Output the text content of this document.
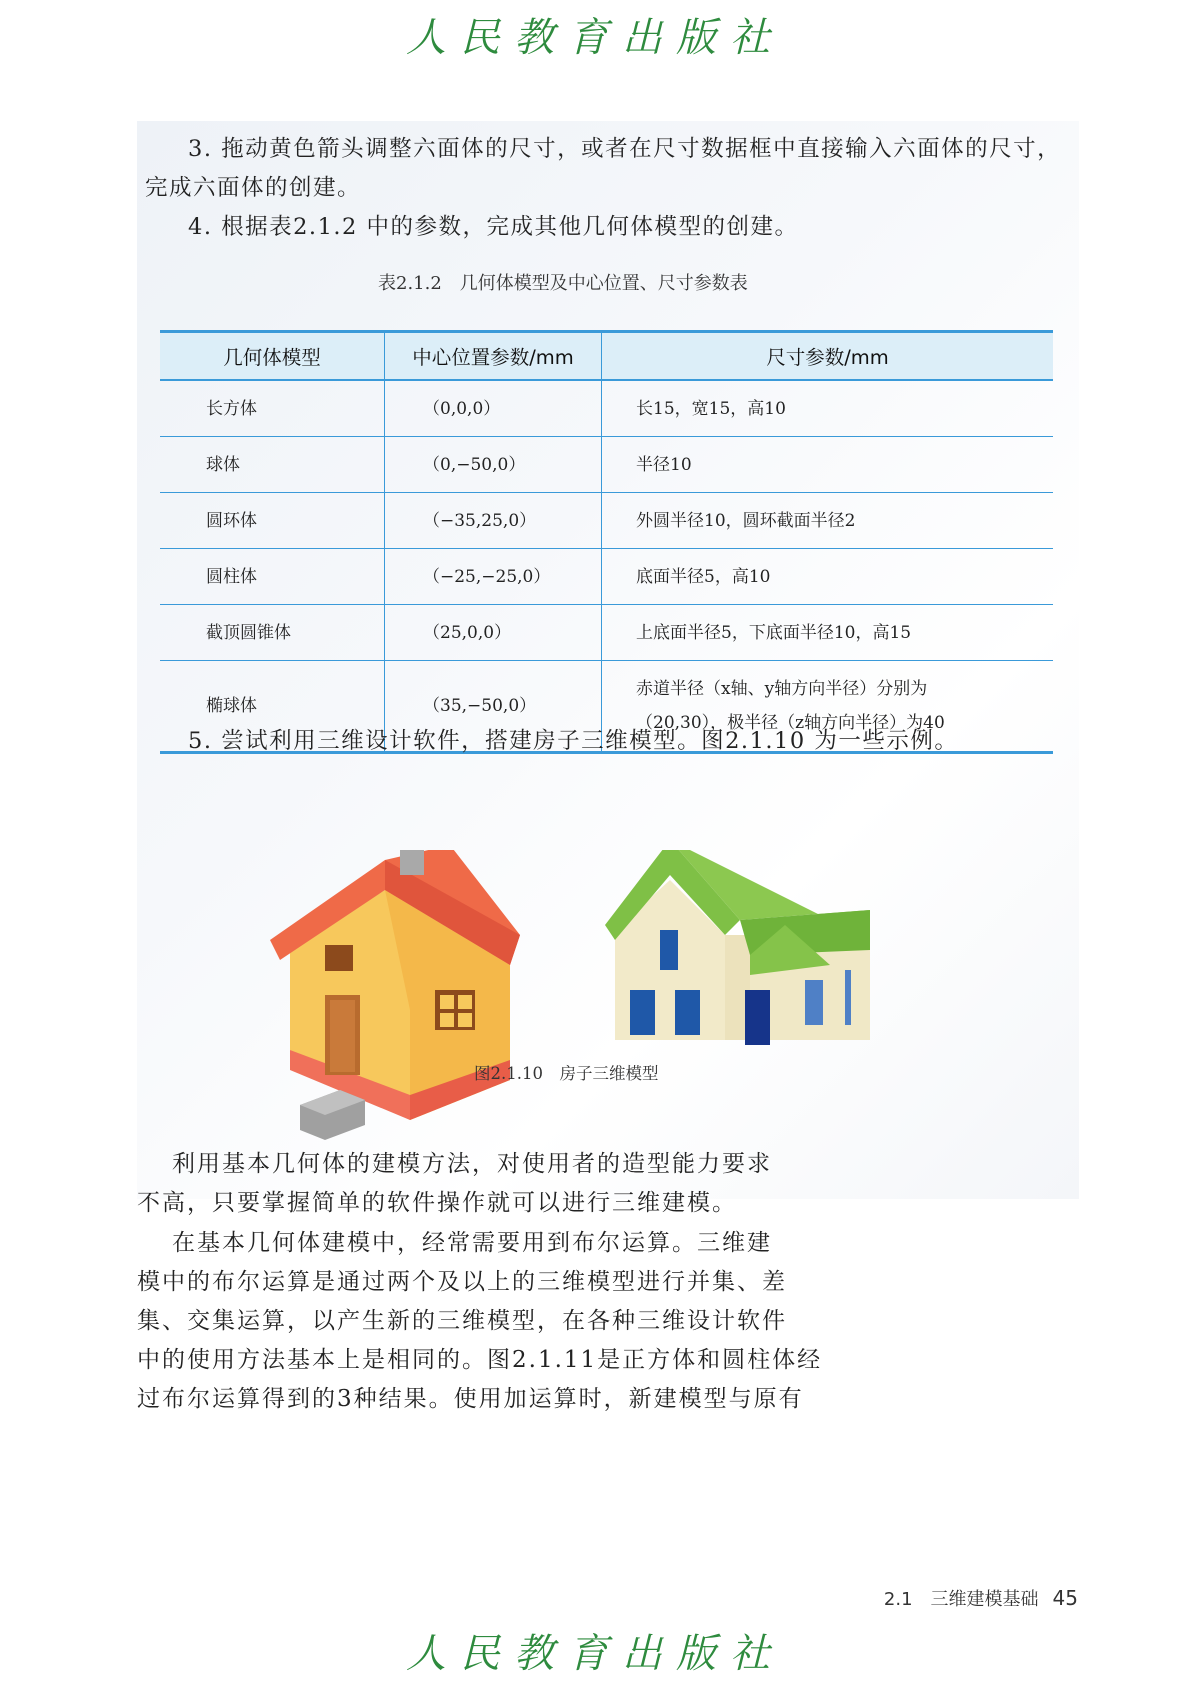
人民教育出版社
3. 拖动黄色箭头调整六面体的尺寸，或者在尺寸数据框中直接输入六面体的尺寸，
完成六面体的创建。
4. 根据表2.1.2 中的参数，完成其他几何体模型的创建。
表2.1.2　几何体模型及中心位置、尺寸参数表
几何体模型	中心位置参数/mm	尺寸参数/mm
长方体	（0,0,0）	长15，宽15，高10
球体	（0,−50,0）	半径10
圆环体	（−35,25,0）	外圆半径10，圆环截面半径2
圆柱体	（−25,−25,0）	底面半径5，高10
截顶圆锥体	（25,0,0）	上底面半径5，下底面半径10，高15
椭球体	（35,−50,0）	赤道半径（x轴、y轴方向半径）分别为
（20,30），极半径（z轴方向半径）为40
5. 尝试利用三维设计软件，搭建房子三维模型。图2.1.10 为一些示例。
图2.1.10　房子三维模型
利用基本几何体的建模方法，对使用者的造型能力要求
不高，只要掌握简单的软件操作就可以进行三维建模。
在基本几何体建模中，经常需要用到布尔运算。三维建
模中的布尔运算是通过两个及以上的三维模型进行并集、差
集、交集运算，以产生新的三维模型，在各种三维设计软件
中的使用方法基本上是相同的。图2.1.11是正方体和圆柱体经
过布尔运算得到的3种结果。使用加运算时，新建模型与原有
2.1　三维建模基础 45
人民教育出版社
